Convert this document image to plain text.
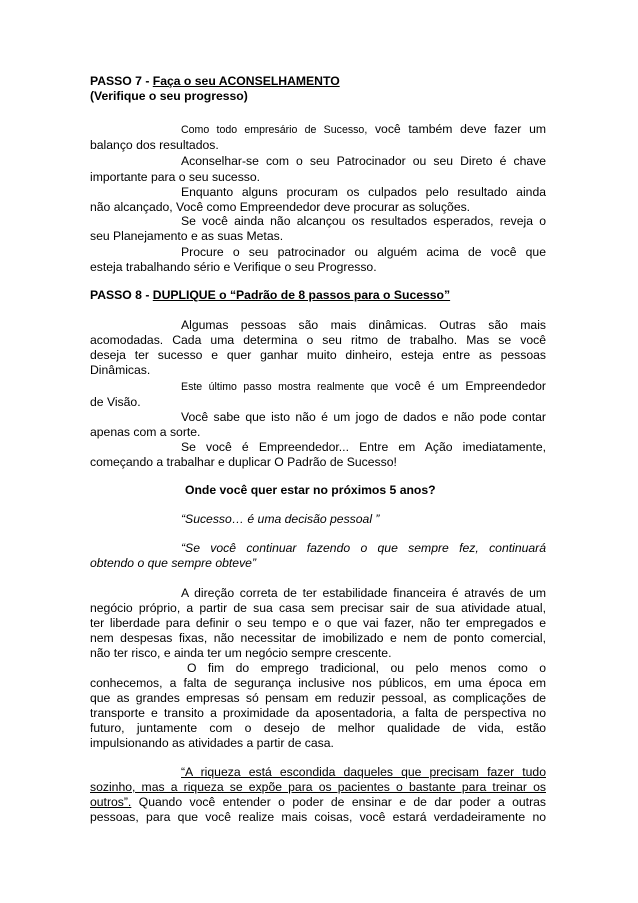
PASSO 7 - Faça o seu ACONSELHAMENTO
(Verifique o seu progresso)
Como todo empresário de Sucesso, você também deve fazer um
balanço dos resultados.
Aconselhar-se com o seu Patrocinador ou seu Direto é chave
importante para o seu sucesso.
Enquanto alguns procuram os culpados pelo resultado ainda
não alcançado, Você como Empreendedor deve procurar as soluções.
Se você ainda não alcançou os resultados esperados, reveja o
seu Planejamento e as suas Metas.
Procure o seu patrocinador ou alguém acima de você que
esteja trabalhando sério e Verifique o seu Progresso.
PASSO 8 - DUPLIQUE o “Padrão de 8 passos para o Sucesso”
Algumas pessoas são mais dinâmicas. Outras são mais
acomodadas. Cada uma determina o seu ritmo de trabalho. Mas se você
deseja ter sucesso e quer ganhar muito dinheiro, esteja entre as pessoas
Dinâmicas.
Este último passo mostra realmente que você é um Empreendedor
de Visão.
Você sabe que isto não é um jogo de dados e não pode contar
apenas com a sorte.
Se você é Empreendedor... Entre em Ação imediatamente,
começando a trabalhar e duplicar O Padrão de Sucesso!
Onde você quer estar no próximos 5 anos?
“Sucesso… é uma decisão pessoal ”
“Se você continuar fazendo o que sempre fez, continuará
obtendo o que sempre obteve”
A direção correta de ter estabilidade financeira é através de um
negócio próprio, a partir de sua casa sem precisar sair de sua atividade atual,
ter liberdade para definir o seu tempo e o que vai fazer, não ter empregados e
nem despesas fixas, não necessitar de imobilizado e nem de ponto comercial,
não ter risco, e ainda ter um negócio sempre crescente.
O fim do emprego tradicional, ou pelo menos como o
conhecemos, a falta de segurança inclusive nos públicos, em uma época em
que as grandes empresas só pensam em reduzir pessoal, as complicações de
transporte e transito a proximidade da aposentadoria, a falta de perspectiva no
futuro, juntamente com o desejo de melhor qualidade de vida, estão
impulsionando as atividades a partir de casa.
“A riqueza está escondida daqueles que precisam fazer tudo
sozinho, mas a riqueza se expõe para os pacientes o bastante para treinar os
outros”. Quando você entender o poder de ensinar e de dar poder a outras
pessoas, para que você realize mais coisas, você estará verdadeiramente no
